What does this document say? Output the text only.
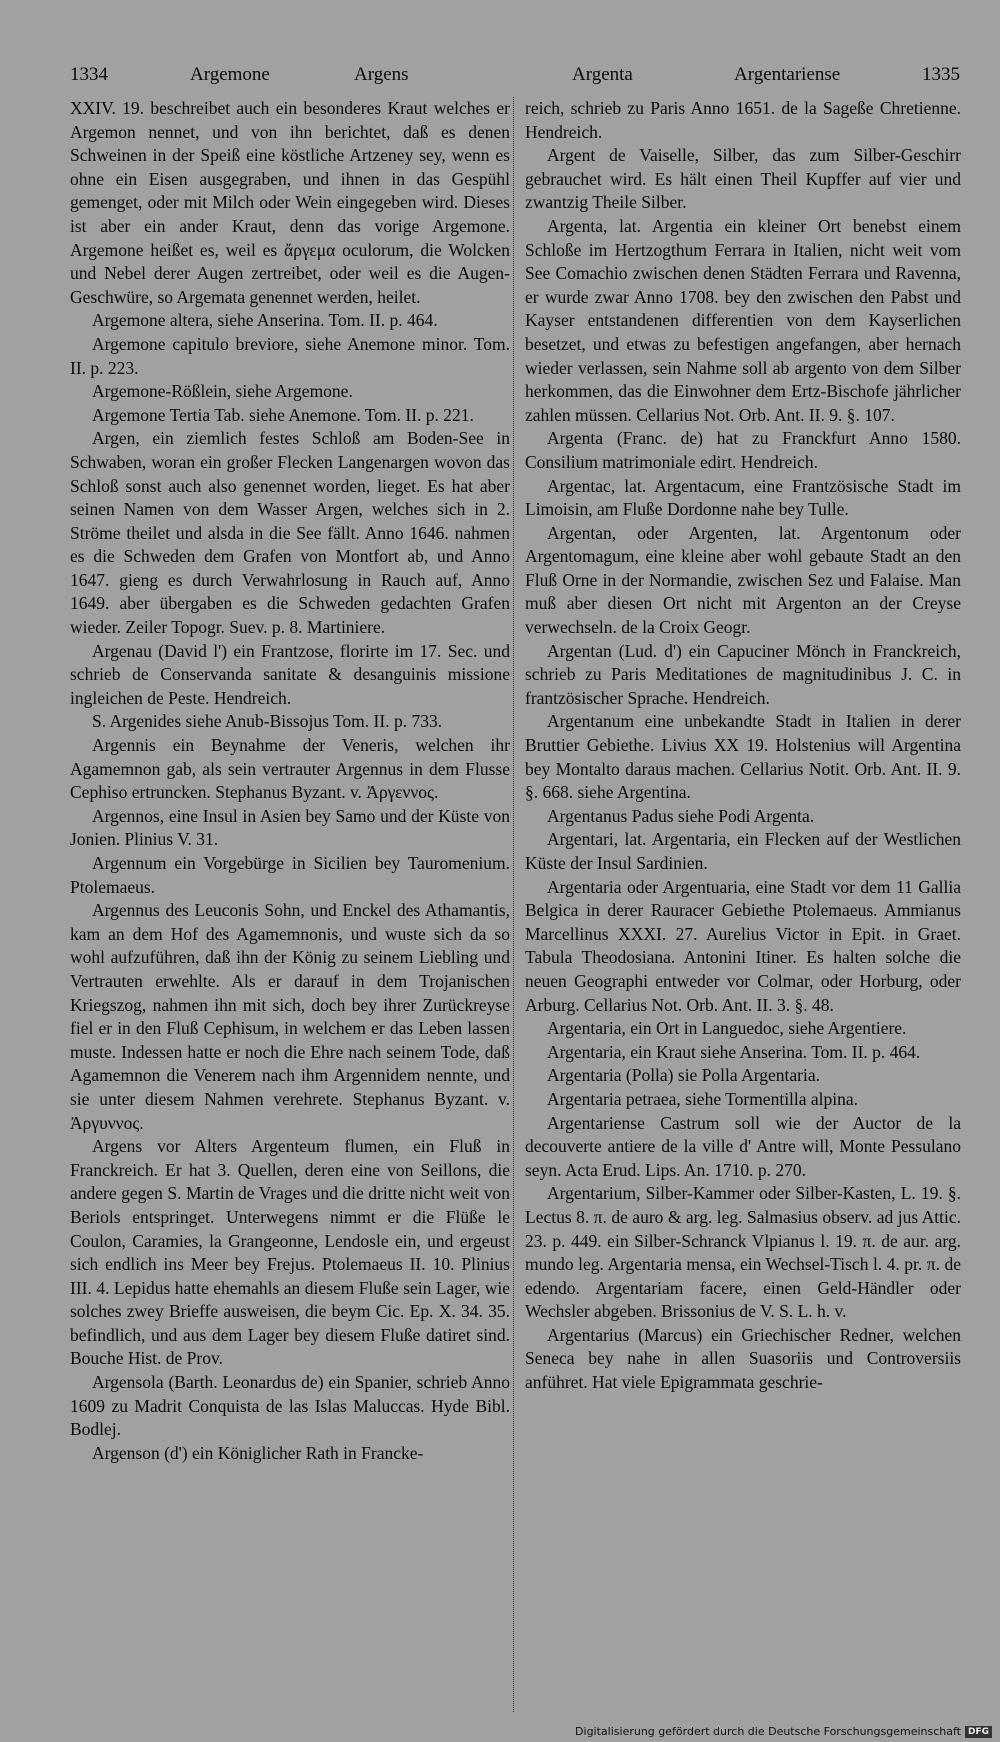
1334	Argemone	Argens	Argenta	Argentariense	1335

XXIV. 19. beschreibet auch ein besonderes Kraut welches er Argemon nennet, und von ihn berichtet, daß es denen Schweinen in der Speiß eine köstliche Artzeney sey, wenn es ohne ein Eisen ausgegraben, und ihnen in das Gespühl gemenget, oder mit Milch oder Wein eingegeben wird. Dieses ist aber ein ander Kraut, denn das vorige Argemone. Argemone heißet es, weil es ἄργεμα oculorum, die Wolcken und Nebel derer Augen zertreibet, oder weil es die Augen-Geschwüre, so Argemata genennet werden, heilet.

Argemone altera, siehe Anserina. Tom. II. p. 464.

Argemone capitulo breviore, siehe Anemone minor. Tom. II. p. 223.

Argemone-Rößlein, siehe Argemone.

Argemone Tertia Tab. siehe Anemone. Tom. II. p. 221.

Argen, ein ziemlich festes Schloß am Boden-See in Schwaben, woran ein großer Flecken Langenargen wovon das Schloß sonst auch also genennet worden, lieget. Es hat aber seinen Namen von dem Wasser Argen, welches sich in 2. Ströme theilet und alsda in die See fällt. Anno 1646. nahmen es die Schweden dem Grafen von Montfort ab, und Anno 1647. gieng es durch Verwahrlosung in Rauch auf, Anno 1649. aber übergaben es die Schweden gedachten Grafen wieder. Zeiler Topogr. Suev. p. 8. Martiniere.

Argenau (David l') ein Frantzose, florirte im 17. Sec. und schrieb de Conservanda sanitate & desanguinis missione ingleichen de Peste. Hendreich.

S. Argenides siehe Anub-Bissojus Tom. II. p. 733.

Argennis ein Beynahme der Veneris, welchen ihr Agamemnon gab, als sein vertrauter Argennus in dem Flusse Cephiso ertruncken. Stephanus Byzant. v. Ἀργεννος.

Argennos, eine Insul in Asien bey Samo und der Küste von Jonien. Plinius V. 31.

Argennum ein Vorgebürge in Sicilien bey Tauromenium. Ptolemaeus.

Argennus des Leuconis Sohn, und Enckel des Athamantis, kam an dem Hof des Agamemnonis, und wuste sich da so wohl aufzuführen, daß ihn der König zu seinem Liebling und Vertrauten erwehlte. Als er darauf in dem Trojanischen Kriegszog, nahmen ihn mit sich, doch bey ihrer Zurückreyse fiel er in den Fluß Cephisum, in welchem er das Leben lassen muste. Indessen hatte er noch die Ehre nach seinem Tode, daß Agamemnon die Venerem nach ihm Argennidem nennte, und sie unter diesem Nahmen verehrete. Stephanus Byzant. v. Ἀργυννος.

Argens vor Alters Argenteum flumen, ein Fluß in Franckreich. Er hat 3. Quellen, deren eine von Seillons, die andere gegen S. Martin de Vrages und die dritte nicht weit von Beriols entspringet. Unterwegens nimmt er die Flüße le Coulon, Caramies, la Grangeonne, Lendosle ein, und ergeust sich endlich ins Meer bey Frejus. Ptolemaeus II. 10. Plinius III. 4. Lepidus hatte ehemahls an diesem Fluße sein Lager, wie solches zwey Brieffe ausweisen, die beym Cic. Ep. X. 34. 35. befindlich, und aus dem Lager bey diesem Fluße datiret sind. Bouche Hist. de Prov.

Argensola (Barth. Leonardus de) ein Spanier, schrieb Anno 1609 zu Madrit Conquista de las Islas Maluccas. Hyde Bibl. Bodlej.

Argenson (d') ein Königlicher Rath in Francke-

reich, schrieb zu Paris Anno 1651. de la Sageße Chretienne. Hendreich.

Argent de Vaiselle, Silber, das zum Silber-Geschirr gebrauchet wird. Es hält einen Theil Kupffer auf vier und zwantzig Theile Silber.

Argenta, lat. Argentia ein kleiner Ort benebst einem Schloße im Hertzogthum Ferrara in Italien, nicht weit vom See Comachio zwischen denen Städten Ferrara und Ravenna, er wurde zwar Anno 1708. bey den zwischen den Pabst und Kayser entstandenen differentien von dem Kayserlichen besetzet, und etwas zu befestigen angefangen, aber hernach wieder verlassen, sein Nahme soll ab argento von dem Silber herkommen, das die Einwohner dem Ertz-Bischofe jährlicher zahlen müssen. Cellarius Not. Orb. Ant. II. 9. §. 107.

Argenta (Franc. de) hat zu Franckfurt Anno 1580. Consilium matrimoniale edirt. Hendreich.

Argentac, lat. Argentacum, eine Frantzösische Stadt im Limoisin, am Fluße Dordonne nahe bey Tulle.

Argentan, oder Argenten, lat. Argentonum oder Argentomagum, eine kleine aber wohl gebaute Stadt an den Fluß Orne in der Normandie, zwischen Sez und Falaise. Man muß aber diesen Ort nicht mit Argenton an der Creyse verwechseln. de la Croix Geogr.

Argentan (Lud. d') ein Capuciner Mönch in Franckreich, schrieb zu Paris Meditationes de magnitudinibus J. C. in frantzösischer Sprache. Hendreich.

Argentanum eine unbekandte Stadt in Italien in derer Bruttier Gebiethe. Livius XX 19. Holstenius will Argentina bey Montalto daraus machen. Cellarius Notit. Orb. Ant. II. 9. §. 668. siehe Argentina.

Argentanus Padus siehe Podi Argenta.

Argentari, lat. Argentaria, ein Flecken auf der Westlichen Küste der Insul Sardinien.

Argentaria oder Argentuaria, eine Stadt vor dem 11 Gallia Belgica in derer Rauracer Gebiethe Ptolemaeus. Ammianus Marcellinus XXXI. 27. Aurelius Victor in Epit. in Graet. Tabula Theodosiana. Antonini Itiner. Es halten solche die neuen Geographi entweder vor Colmar, oder Horburg, oder Arburg. Cellarius Not. Orb. Ant. II. 3. §. 48.

Argentaria, ein Ort in Languedoc, siehe Argentiere.

Argentaria, ein Kraut siehe Anserina. Tom. II. p. 464.

Argentaria (Polla) sie Polla Argentaria.

Argentaria petraea, siehe Tormentilla alpina.

Argentariense Castrum soll wie der Auctor de la decouverte antiere de la ville d' Antre will, Monte Pessulano seyn. Acta Erud. Lips. An. 1710. p. 270.

Argentarium, Silber-Kammer oder Silber-Kasten, L. 19. §. Lectus 8. π. de auro & arg. leg. Salmasius observ. ad jus Attic. 23. p. 449. ein Silber-Schranck Vlpianus l. 19. π. de aur. arg. mundo leg. Argentaria mensa, ein Wechsel-Tisch l. 4. pr. π. de edendo. Argentariam facere, einen Geld-Händler oder Wechsler abgeben. Brissonius de V. S. L. h. v.

Argentarius (Marcus) ein Griechischer Redner, welchen Seneca bey nahe in allen Suasoriis und Controversiis anführet. Hat viele Epigrammata geschrie-

Digitalisierung gefördert durch die Deutsche Forschungsgemeinschaft DFG
